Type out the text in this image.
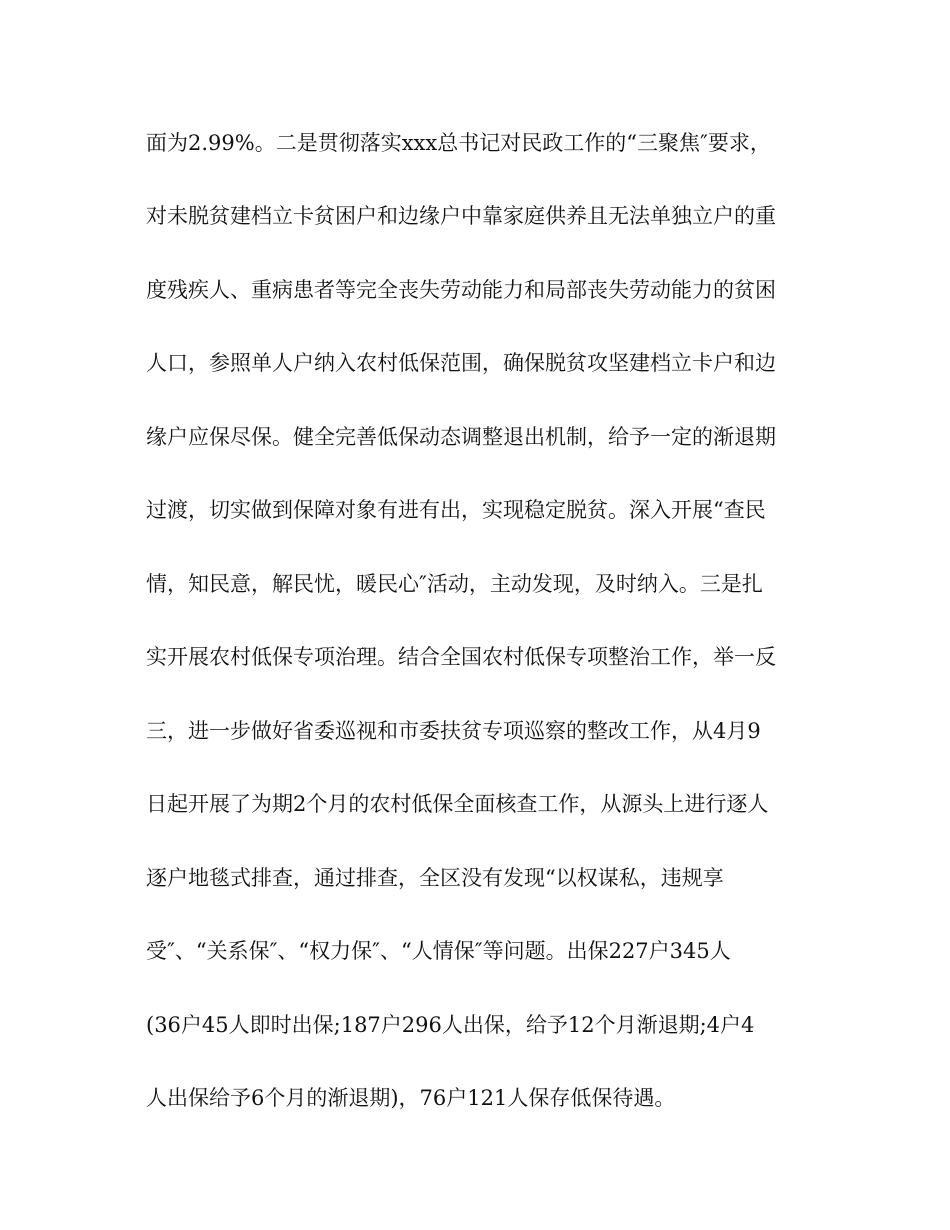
面为2.99%。二是贯彻落实xxx总书记对民政工作的“三聚焦″要求，
对未脱贫建档立卡贫困户和边缘户中靠家庭供养且无法单独立户的重
度残疾人、重病患者等完全丧失劳动能力和局部丧失劳动能力的贫困
人口，参照单人户纳入农村低保范围，确保脱贫攻坚建档立卡户和边
缘户应保尽保。健全完善低保动态调整退出机制，给予一定的渐退期
过渡，切实做到保障对象有进有出，实现稳定脱贫。深入开展“查民
情，知民意，解民忧，暖民心″活动，主动发现，及时纳入。三是扎
实开展农村低保专项治理。结合全国农村低保专项整治工作，举一反
三，进一步做好省委巡视和市委扶贫专项巡察的整改工作，从4月9
日起开展了为期2个月的农村低保全面核查工作，从源头上进行逐人
逐户地毯式排查，通过排查，全区没有发现“以权谋私，违规享
受″、“关系保″、“权力保″、“人情保″等问题。出保227户345人
(36户45人即时出保;187户296人出保，给予12个月渐退期;4户4
人出保给予6个月的渐退期)，76户121人保存低保待遇。
